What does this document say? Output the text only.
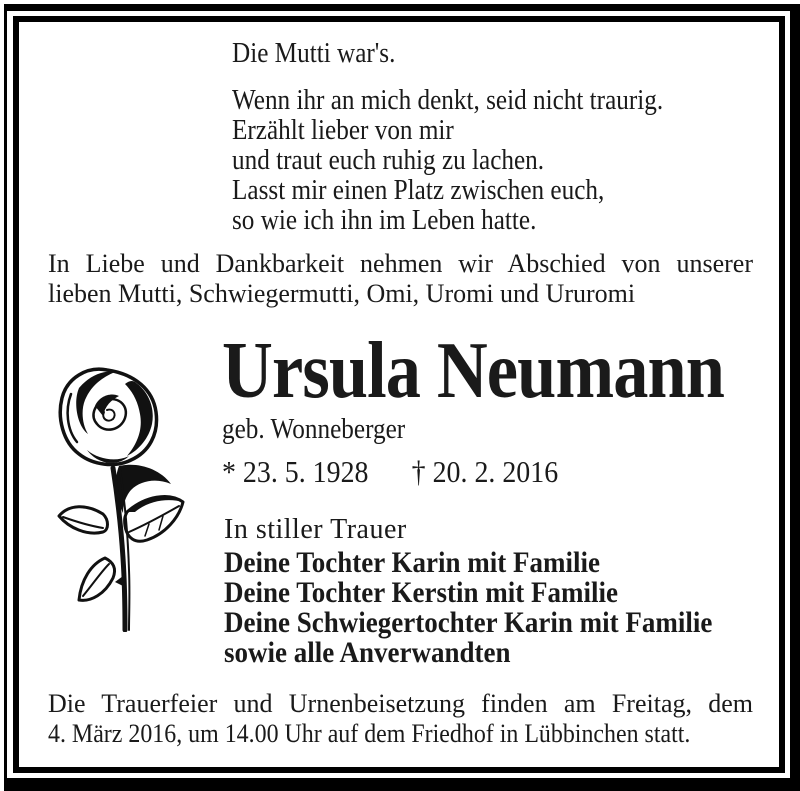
Die Mutti war's.
Wenn ihr an mich denkt, seid nicht traurig.
Erzählt lieber von mir
und traut euch ruhig zu lachen.
Lasst mir einen Platz zwischen euch,
so wie ich ihn im Leben hatte.
In Liebe und Dankbarkeit nehmen wir Abschied von unserer
lieben Mutti, Schwiegermutti, Omi, Uromi und Ururomi
Ursula Neumann
geb. Wonneberger
* 23. 5. 1928 † 20. 2. 2016
In stiller Trauer
Deine Tochter Karin mit Familie
Deine Tochter Kerstin mit Familie
Deine Schwiegertochter Karin mit Familie
sowie alle Anverwandten
Die Trauerfeier und Urnenbeisetzung finden am Freitag, dem
4. März 2016, um 14.00 Uhr auf dem Friedhof in Lübbinchen statt.
